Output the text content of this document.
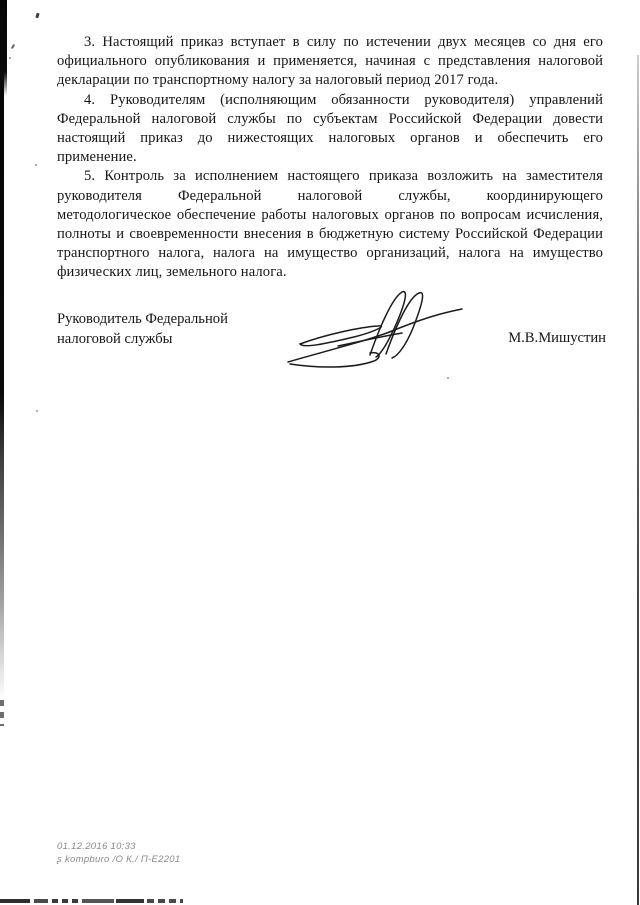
3. Настоящий приказ вступает в силу по истечении двух месяцев со дня его
официального опубликования и применяется, начиная с представления налоговой
декларации по транспортному налогу за налоговый период 2017 года.
4. Руководителям (исполняющим обязанности руководителя) управлений
Федеральной налоговой службы по субъектам Российской Федерации довести
настоящий приказ до нижестоящих налоговых органов и обеспечить его
применение.
5. Контроль за исполнением настоящего приказа возложить на заместителя
руководителя Федеральной налоговой службы, координирующего
методологическое обеспечение работы налоговых органов по вопросам исчисления,
полноты и своевременности внесения в бюджетную систему Российской Федерации
транспортного налога, налога на имущество организаций, налога на имущество
физических лиц, земельного налога.
Руководитель Федеральной
налоговой службы	М.В.Мишустин
01.12.2016 10:33
ʂ kompburo /О К./ П-Е2201
